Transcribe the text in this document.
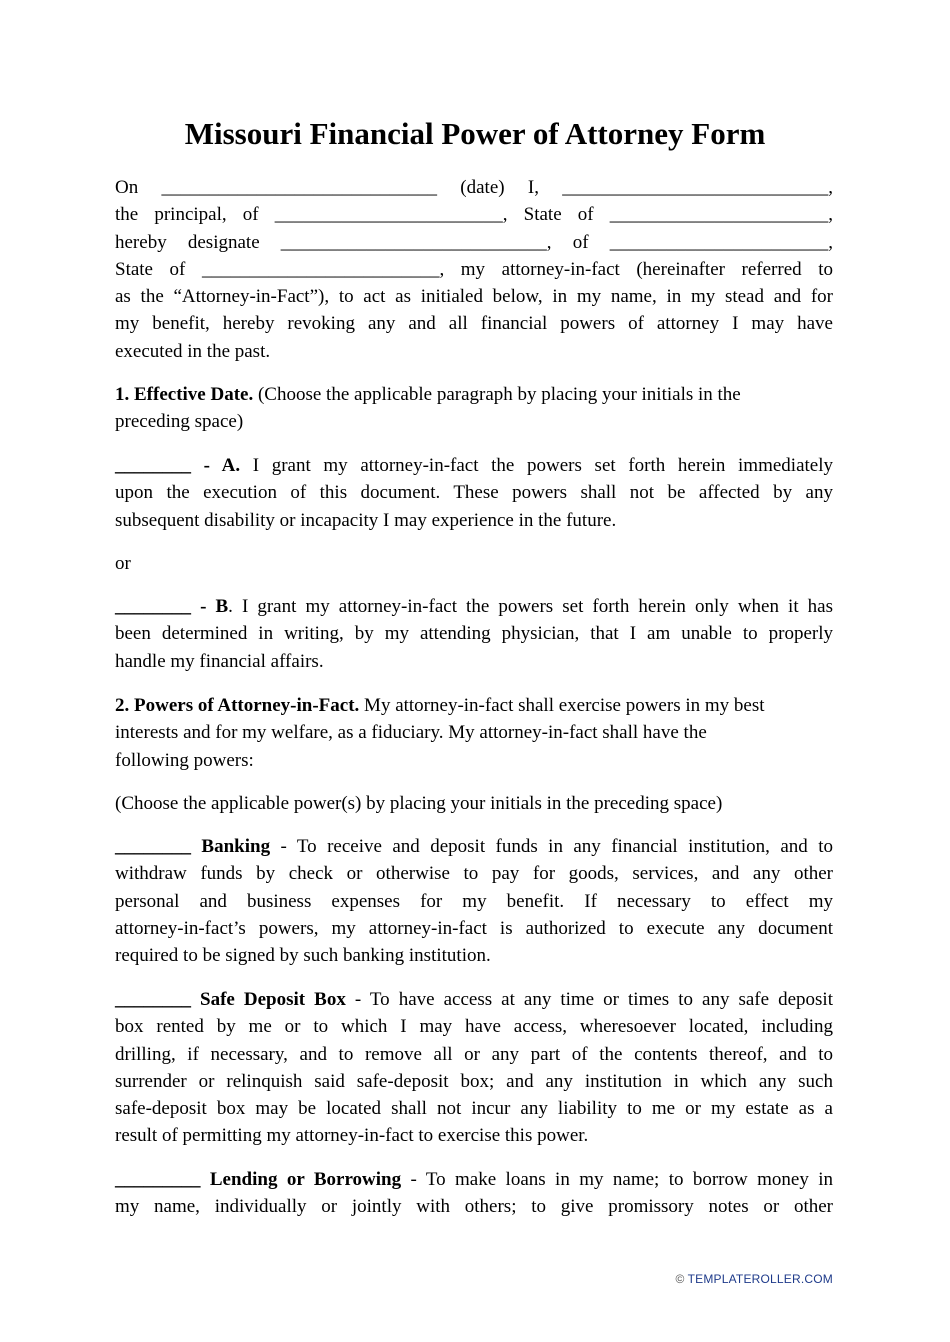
Missouri Financial Power of Attorney Form
On _____________________________ (date) I, ____________________________,
the principal, of ________________________, State of _______________________,
hereby designate ____________________________, of _______________________,
State of _________________________, my attorney-in-fact (hereinafter referred to
as the “Attorney-in-Fact”), to act as initialed below, in my name, in my stead and for
my benefit, hereby revoking any and all financial powers of attorney I may have
executed in the past.
1. Effective Date. (Choose the applicable paragraph by placing your initials in the
preceding space)
________ - A. I grant my attorney-in-fact the powers set forth herein immediately
upon the execution of this document. These powers shall not be affected by any
subsequent disability or incapacity I may experience in the future.
or
________ - B. I grant my attorney-in-fact the powers set forth herein only when it has
been determined in writing, by my attending physician, that I am unable to properly
handle my financial affairs.
2. Powers of Attorney-in-Fact. My attorney-in-fact shall exercise powers in my best
interests and for my welfare, as a fiduciary. My attorney-in-fact shall have the
following powers:
(Choose the applicable power(s) by placing your initials in the preceding space)
________ Banking - To receive and deposit funds in any financial institution, and to
withdraw funds by check or otherwise to pay for goods, services, and any other
personal and business expenses for my benefit. If necessary to effect my
attorney-in-fact’s powers, my attorney-in-fact is authorized to execute any document
required to be signed by such banking institution.
________ Safe Deposit Box - To have access at any time or times to any safe deposit
box rented by me or to which I may have access, wheresoever located, including
drilling, if necessary, and to remove all or any part of the contents thereof, and to
surrender or relinquish said safe-deposit box; and any institution in which any such
safe-deposit box may be located shall not incur any liability to me or my estate as a
result of permitting my attorney-in-fact to exercise this power.
_________ Lending or Borrowing - To make loans in my name; to borrow money in
my name, individually or jointly with others; to give promissory notes or other
© TEMPLATEROLLER.COM
